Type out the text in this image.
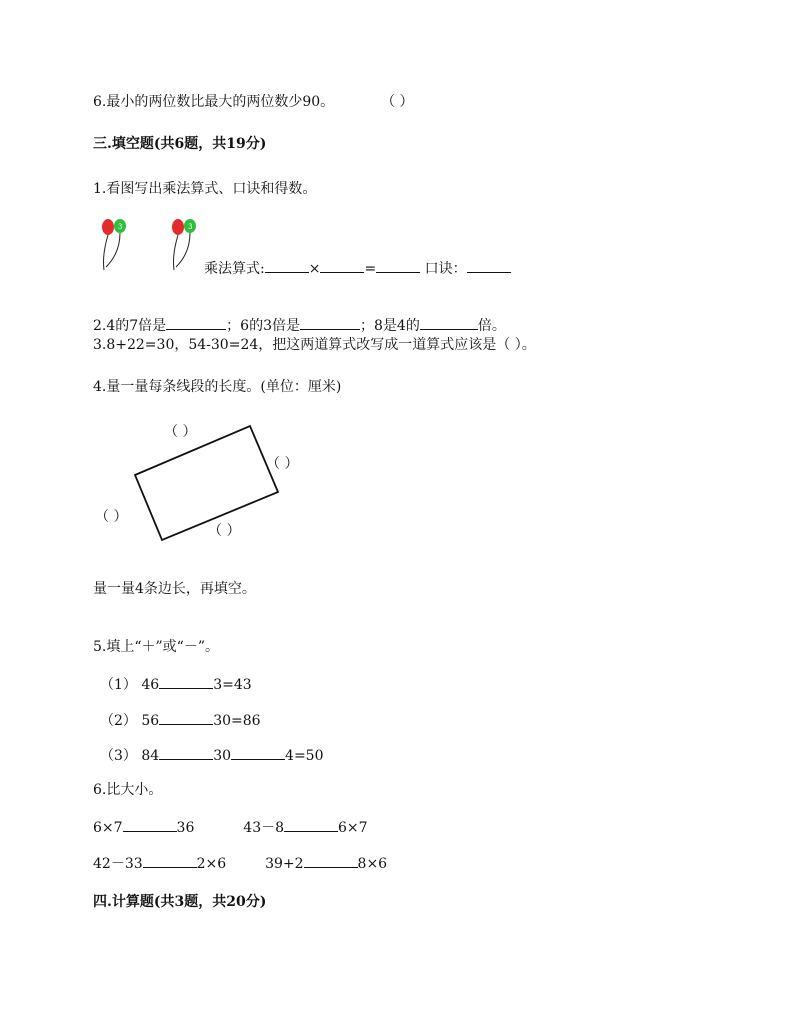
6.最小的两位数比最大的两位数少90。	（ ）
三.填空题(共6题，共19分)
1.看图写出乘法算式、口诀和得数。
3	3
乘法算式:	×	=	口诀：
2.4的7倍是	；6的3倍是	；8是4的	倍。
3.8+22=30，54-30=24，把这两道算式改写成一道算式应该是（ ）。
4.量一量每条线段的长度。(单位：厘米)
（ ）
（ ）
（ ）
（ ）
量一量4条边长，再填空。
5.填上“＋”或“－”。
（1） 46	3=43
（2） 56	30=86
（3） 84	30	4=50
6.比大小。
6×7	36	43－8	6×7
42－33	2×6	39+2	8×6
四.计算题(共3题，共20分)
